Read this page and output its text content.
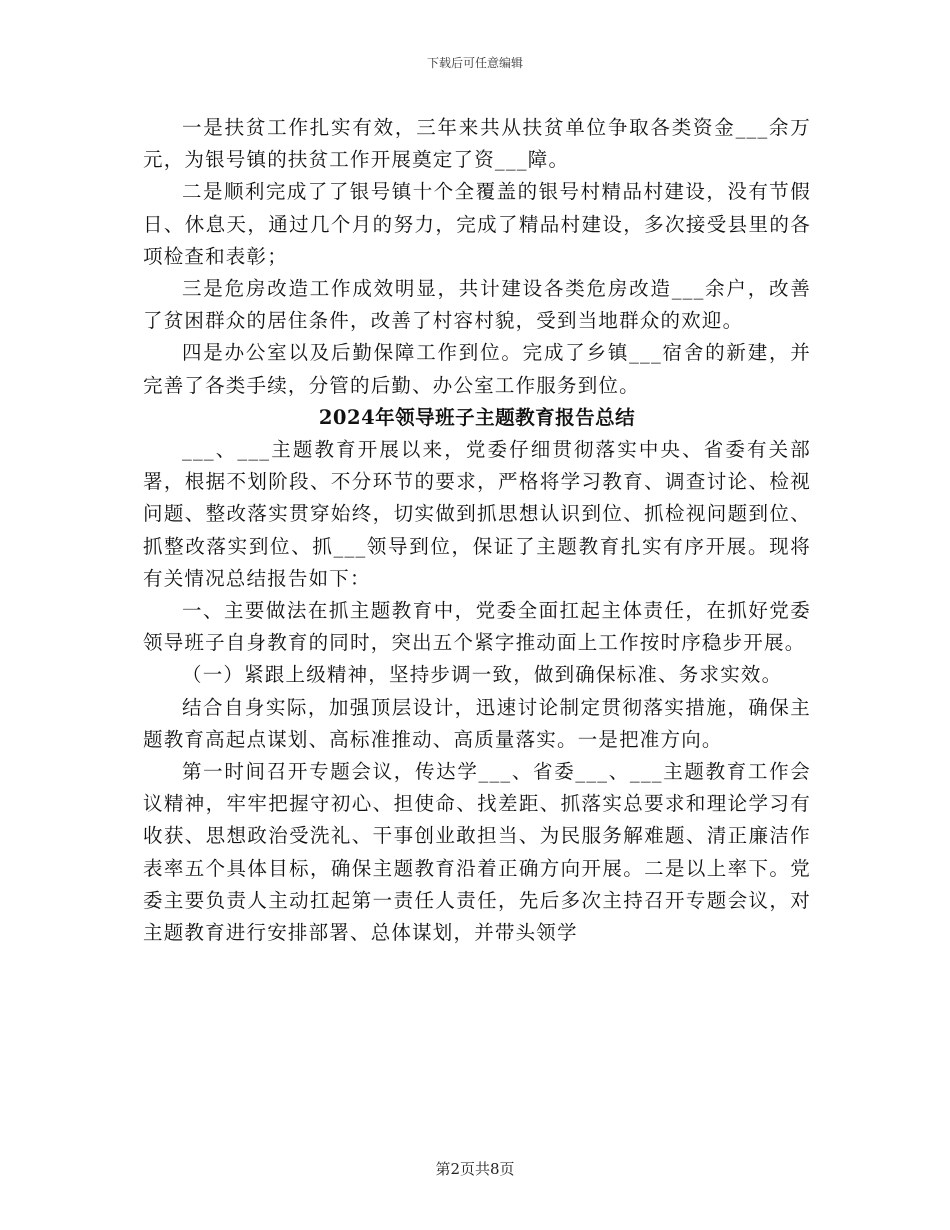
下载后可任意编辑

一是扶贫工作扎实有效，三年来共从扶贫单位争取各类资金___余万元，为银号镇的扶贫工作开展奠定了资___障。

二是顺利完成了了银号镇十个全覆盖的银号村精品村建设，没有节假日、休息天，通过几个月的努力，完成了精品村建设，多次接受县里的各项检查和表彰；

三是危房改造工作成效明显，共计建设各类危房改造___余户，改善了贫困群众的居住条件，改善了村容村貌，受到当地群众的欢迎。

四是办公室以及后勤保障工作到位。完成了乡镇___宿舍的新建，并完善了各类手续，分管的后勤、办公室工作服务到位。

2024年领导班子主题教育报告总结

___、___主题教育开展以来，党委仔细贯彻落实中央、省委有关部署，根据不划阶段、不分环节的要求，严格将学习教育、调查讨论、检视问题、整改落实贯穿始终，切实做到抓思想认识到位、抓检视问题到位、抓整改落实到位、抓___领导到位，保证了主题教育扎实有序开展。现将有关情况总结报告如下：

一、主要做法在抓主题教育中，党委全面扛起主体责任，在抓好党委领导班子自身教育的同时，突出五个紧字推动面上工作按时序稳步开展。

（一）紧跟上级精神，坚持步调一致，做到确保标准、务求实效。

结合自身实际，加强顶层设计，迅速讨论制定贯彻落实措施，确保主题教育高起点谋划、高标准推动、高质量落实。一是把准方向。

第一时间召开专题会议，传达学___、省委___、___主题教育工作会议精神，牢牢把握守初心、担使命、找差距、抓落实总要求和理论学习有收获、思想政治受洗礼、干事创业敢担当、为民服务解难题、清正廉洁作表率五个具体目标，确保主题教育沿着正确方向开展。二是以上率下。党委主要负责人主动扛起第一责任人责任，先后多次主持召开专题会议，对主题教育进行安排部署、总体谋划，并带头领学

第2页共8页
